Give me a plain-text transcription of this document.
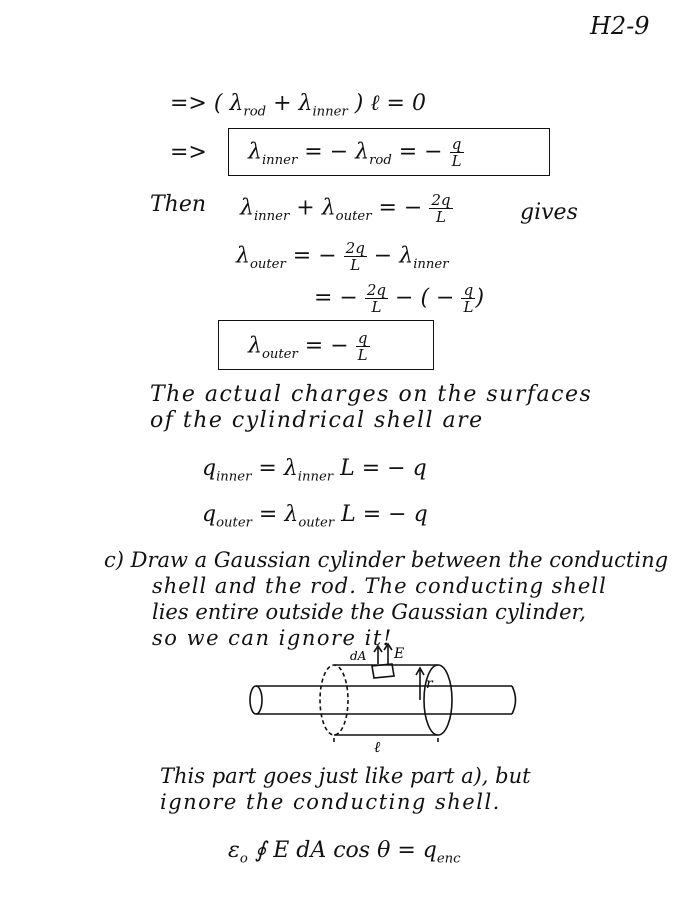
H2-9
=> ( $\lambda_{rod} + \lambda_{inner}$ ) ℓ = 0
=> $\lambda_{inner}$ = − $\lambda_{rod}$ = − $\frac{q}{L}$
Then $\lambda_{inner} + \lambda_{outer}$ = − $\frac{2q}{L}$	gives
$\lambda_{outer}$ = − $\frac{2q}{L} - \lambda_{inner}$
= − $\frac{2q}{L}$ − ( − $\frac{q}{L}$ )
$\lambda_{outer}$ = − $\frac{q}{L}$
The actual charges on the surfaces
of the cylindrical shell are
$q_{inner} = \lambda_{inner}$ L = − q
$q_{outer} = \lambda_{outer}$ L = − q
c) Draw a Gaussian cylinder between the conducting
shell and the rod. The conducting shell
lies entire outside the Gaussian cylinder,
so we can ignore it!
dA E
r
ℓ
This part goes just like part a), but
ignore the conducting shell.
$\varepsilon_o$ ∮ E dA $\cos \theta = q_{enc}$
